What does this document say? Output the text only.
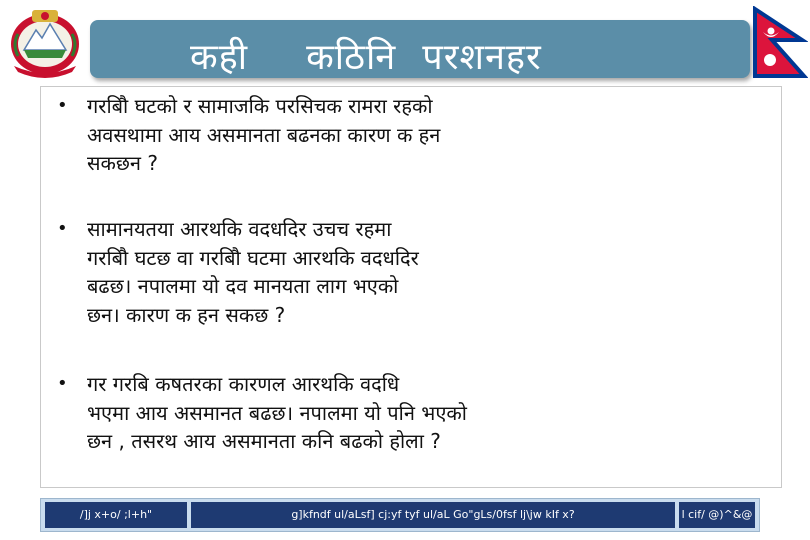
कही कठिनि परशनहर
• गरबिौ घटको र सामाजकि परसिचक रामरा रहको
अवसथामा आय असमानता बढनका कारण क हन
सकछन ?
• सामानयतया आरथकि वदधदिर उचच रहमा
गरबिौ घटछ वा गरबिौ घटमा आरथकि वदधदिर
बढछ। नपालमा यो दव मानयता लाग भएको
छन। कारण क हन सकछ ?
• गर गरबि कषतरका कारणल आरथकि वदधि
भएमा आय असमानत बढछ। नपालमा यो पनि भएको
छन , तसरथ आय असमानता कनि बढको होला ?
/]j x+o/ ;l+h"	g]kfndf ul/aLsf] cj:yf tyf ul/aL Go"gLs/0fsf lj\jw kIf x?	l cif/ @)^&@
